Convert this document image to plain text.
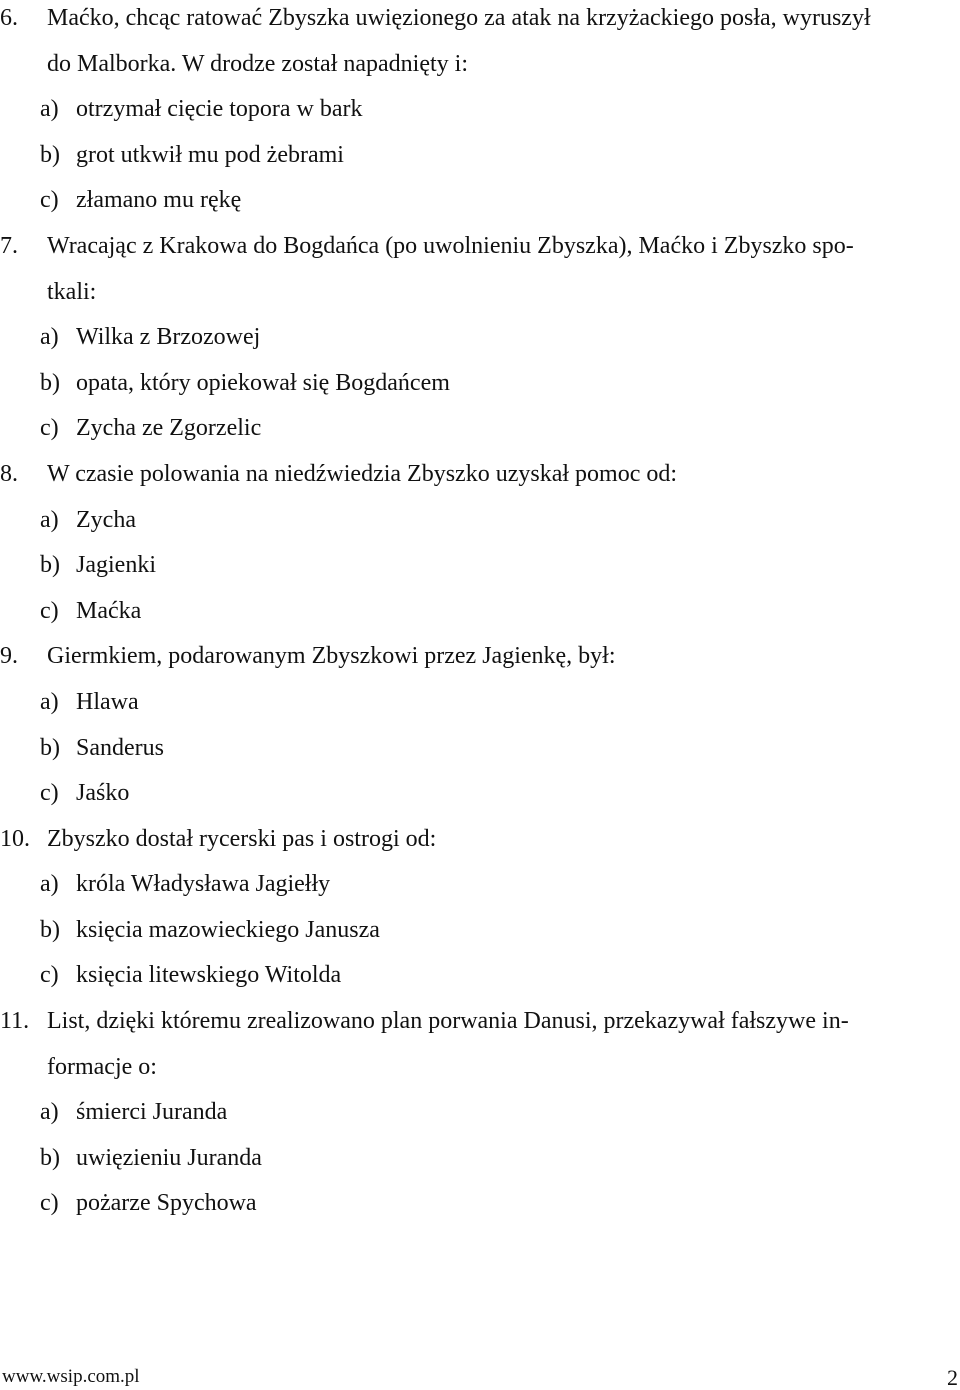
6. Maćko, chcąc ratować Zbyszka uwięzionego za atak na krzyżackiego posła, wyruszył
do Malborka. W drodze został napadnięty i:
a) otrzymał cięcie topora w bark
b) grot utkwił mu pod żebrami
c) złamano mu rękę
7. Wracając z Krakowa do Bogdańca (po uwolnieniu Zbyszka), Maćko i Zbyszko spo-
tkali:
a) Wilka z Brzozowej
b) opata, który opiekował się Bogdańcem
c) Zycha ze Zgorzelic
8. W czasie polowania na niedźwiedzia Zbyszko uzyskał pomoc od:
a) Zycha
b) Jagienki
c) Maćka
9. Giermkiem, podarowanym Zbyszkowi przez Jagienkę, był:
a) Hlawa
b) Sanderus
c) Jaśko
10. Zbyszko dostał rycerski pas i ostrogi od:
a) króla Władysława Jagiełły
b) księcia mazowieckiego Janusza
c) księcia litewskiego Witolda
11. List, dzięki któremu zrealizowano plan porwania Danusi, przekazywał fałszywe in-
formacje o:
a) śmierci Juranda
b) uwięzieniu Juranda
c) pożarze Spychowa
www.wsip.com.pl	2
